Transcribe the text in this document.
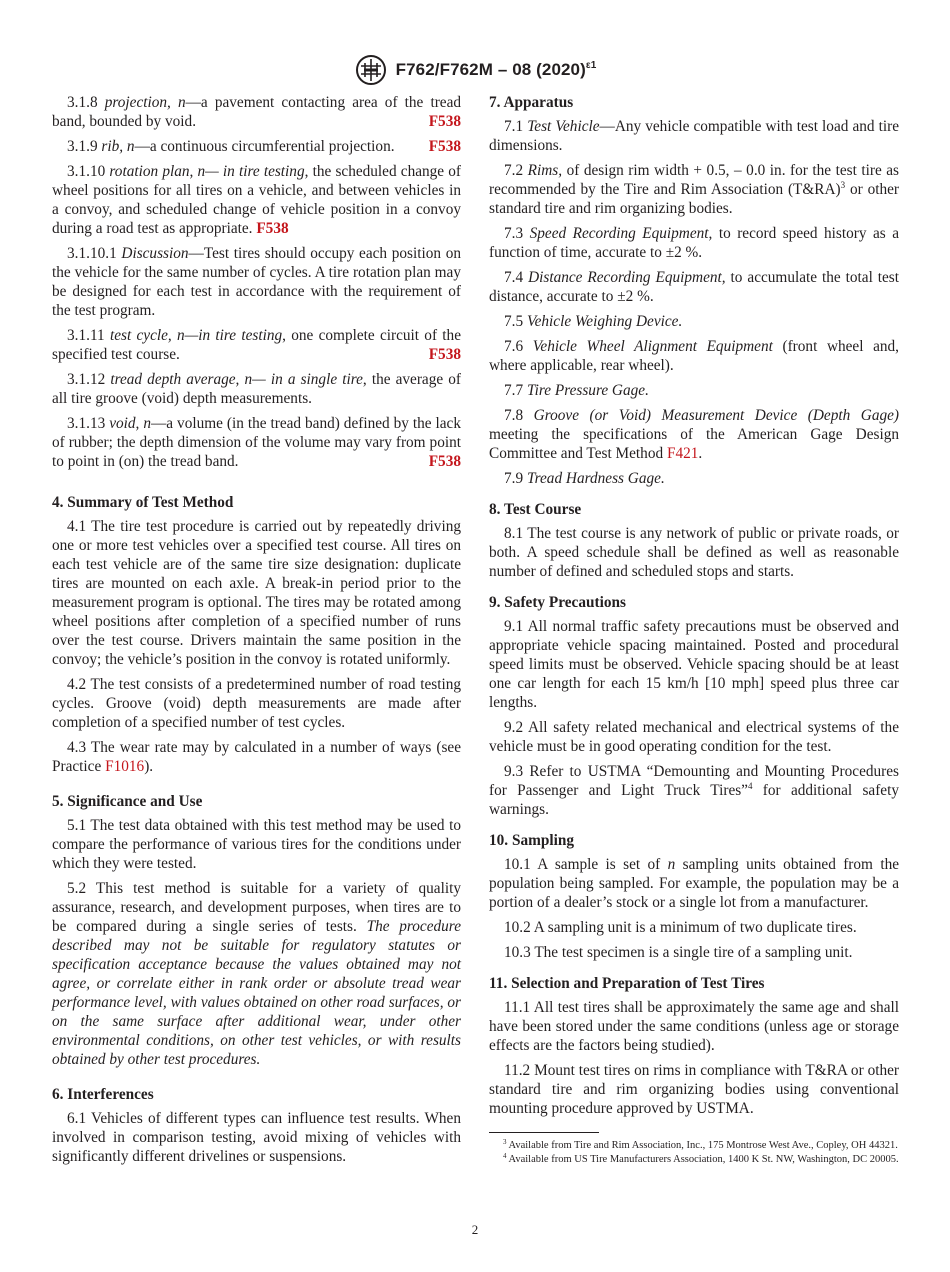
F762/F762M – 08 $(2020)^{\varepsilon 1}$

3.1.8 projection, n—a pavement contacting area of the tread band, bounded by void.	F538

3.1.9 rib, n—a continuous circumferential projection.	F538

3.1.10 rotation plan, n— in tire testing, the scheduled change of wheel positions for all tires on a vehicle, and between vehicles in a convoy, and scheduled change of vehicle position in a convoy during a road test as appropriate. F538

3.1.10.1 Discussion—Test tires should occupy each position on the vehicle for the same number of cycles. A tire rotation plan may be designed for each test in accordance with the requirement of the test program.

3.1.11 test cycle, n—in tire testing, one complete circuit of the specified test course.	F538

3.1.12 tread depth average, n— in a single tire, the average of all tire groove (void) depth measurements.

3.1.13 void, n—a volume (in the tread band) defined by the lack of rubber; the depth dimension of the volume may vary from point to point in (on) the tread band.	F538

4. Summary of Test Method

4.1 The tire test procedure is carried out by repeatedly driving one or more test vehicles over a specified test course. All tires on each test vehicle are of the same tire size designation: duplicate tires are mounted on each axle. A break-in period prior to the measurement program is optional. The tires may be rotated among wheel positions after completion of a specified number of runs over the test course. Drivers maintain the same position in the convoy; the vehicle’s position in the convoy is rotated uniformly.

4.2 The test consists of a predetermined number of road testing cycles. Groove (void) depth measurements are made after completion of a specified number of test cycles.

4.3 The wear rate may by calculated in a number of ways (see Practice F1016).

5. Significance and Use

5.1 The test data obtained with this test method may be used to compare the performance of various tires for the conditions under which they were tested.

5.2 This test method is suitable for a variety of quality assurance, research, and development purposes, when tires are to be compared during a single series of tests. The procedure described may not be suitable for regulatory statutes or specification acceptance because the values obtained may not agree, or correlate either in rank order or absolute tread wear performance level, with values obtained on other road surfaces, or on the same surface after additional wear, under other environmental conditions, on other test vehicles, or with results obtained by other test procedures.

6. Interferences

6.1 Vehicles of different types can influence test results. When involved in comparison testing, avoid mixing of vehicles with significantly different drivelines or suspensions.

7. Apparatus

7.1 Test Vehicle—Any vehicle compatible with test load and tire dimensions.

7.2 Rims, of design rim width + 0.5, – 0.0 in. for the test tire as recommended by the Tire and Rim Association (T&RA)$^3$ or other standard tire and rim organizing bodies.

7.3 Speed Recording Equipment, to record speed history as a function of time, accurate to ±2 %.

7.4 Distance Recording Equipment, to accumulate the total test distance, accurate to ±2 %.

7.5 Vehicle Weighing Device.

7.6 Vehicle Wheel Alignment Equipment (front wheel and, where applicable, rear wheel).

7.7 Tire Pressure Gage.

7.8 Groove (or Void) Measurement Device (Depth Gage) meeting the specifications of the American Gage Design Committee and Test Method F421.

7.9 Tread Hardness Gage.

8. Test Course

8.1 The test course is any network of public or private roads, or both. A speed schedule shall be defined as well as reasonable number of defined and scheduled stops and starts.

9. Safety Precautions

9.1 All normal traffic safety precautions must be observed and appropriate vehicle spacing maintained. Posted and procedural speed limits must be observed. Vehicle spacing should be at least one car length for each 15 km/h [10 mph] speed plus three car lengths.

9.2 All safety related mechanical and electrical systems of the vehicle must be in good operating condition for the test.

9.3 Refer to USTMA “Demounting and Mounting Procedures for Passenger and Light Truck Tires”$^4$ for additional safety warnings.

10. Sampling

10.1 A sample is set of n sampling units obtained from the population being sampled. For example, the population may be a portion of a dealer’s stock or a single lot from a manufacturer.

10.2 A sampling unit is a minimum of two duplicate tires.

10.3 The test specimen is a single tire of a sampling unit.

11. Selection and Preparation of Test Tires

11.1 All test tires shall be approximately the same age and shall have been stored under the same conditions (unless age or storage effects are the factors being studied).

11.2 Mount test tires on rims in compliance with T&RA or other standard tire and rim organizing bodies using conventional mounting procedure approved by USTMA.

$^3$ Available from Tire and Rim Association, Inc., 175 Montrose West Ave., Copley, OH 44321.
$^4$ Available from US Tire Manufacturers Association, 1400 K St. NW, Washington, DC 20005.
2
